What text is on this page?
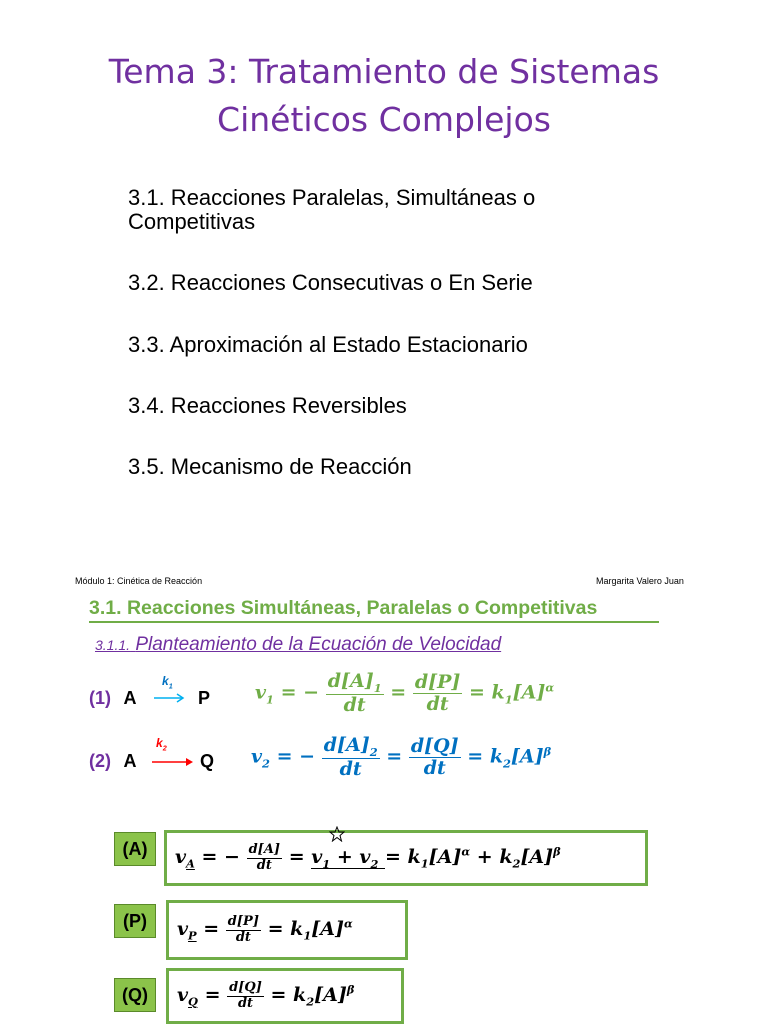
Tema 3: Tratamiento de Sistemas
Cinéticos Complejos
3.1. Reacciones Paralelas, Simultáneas o
Competitivas
3.2. Reacciones Consecutivas o En Serie
3.3. Aproximación al Estado Estacionario
3.4. Reacciones Reversibles
3.5. Mecanismo de Reacción
Módulo 1: Cinética de Reacción	Margarita Valero Juan
3.1. Reacciones Simultáneas, Paralelas o Competitivas
3.1.1. Planteamiento de la Ecuación de Velocidad
(1) A
$k_1$
P $v_1$ = − $\frac{d[A]_1}{dt} = \frac{d[P]}{dt} = k_1[A]^\alpha$
(2) A
$k_2$
Q $v_2$ = − $\frac{d[A]_2}{dt} = \frac{d[Q]}{dt} = k_2[A]^\beta$
(A)	$v_A$ = − $\frac{d[A]}{dt} = v_1 + v_2$
= $k_1[A]^\alpha + k_2[A]^\beta$
(P)	$v_P = \frac{d[P]}{dt} = k_1[A]^\alpha$
(Q)	$v_Q = \frac{d[Q]}{dt} = k_2[A]^\beta$
